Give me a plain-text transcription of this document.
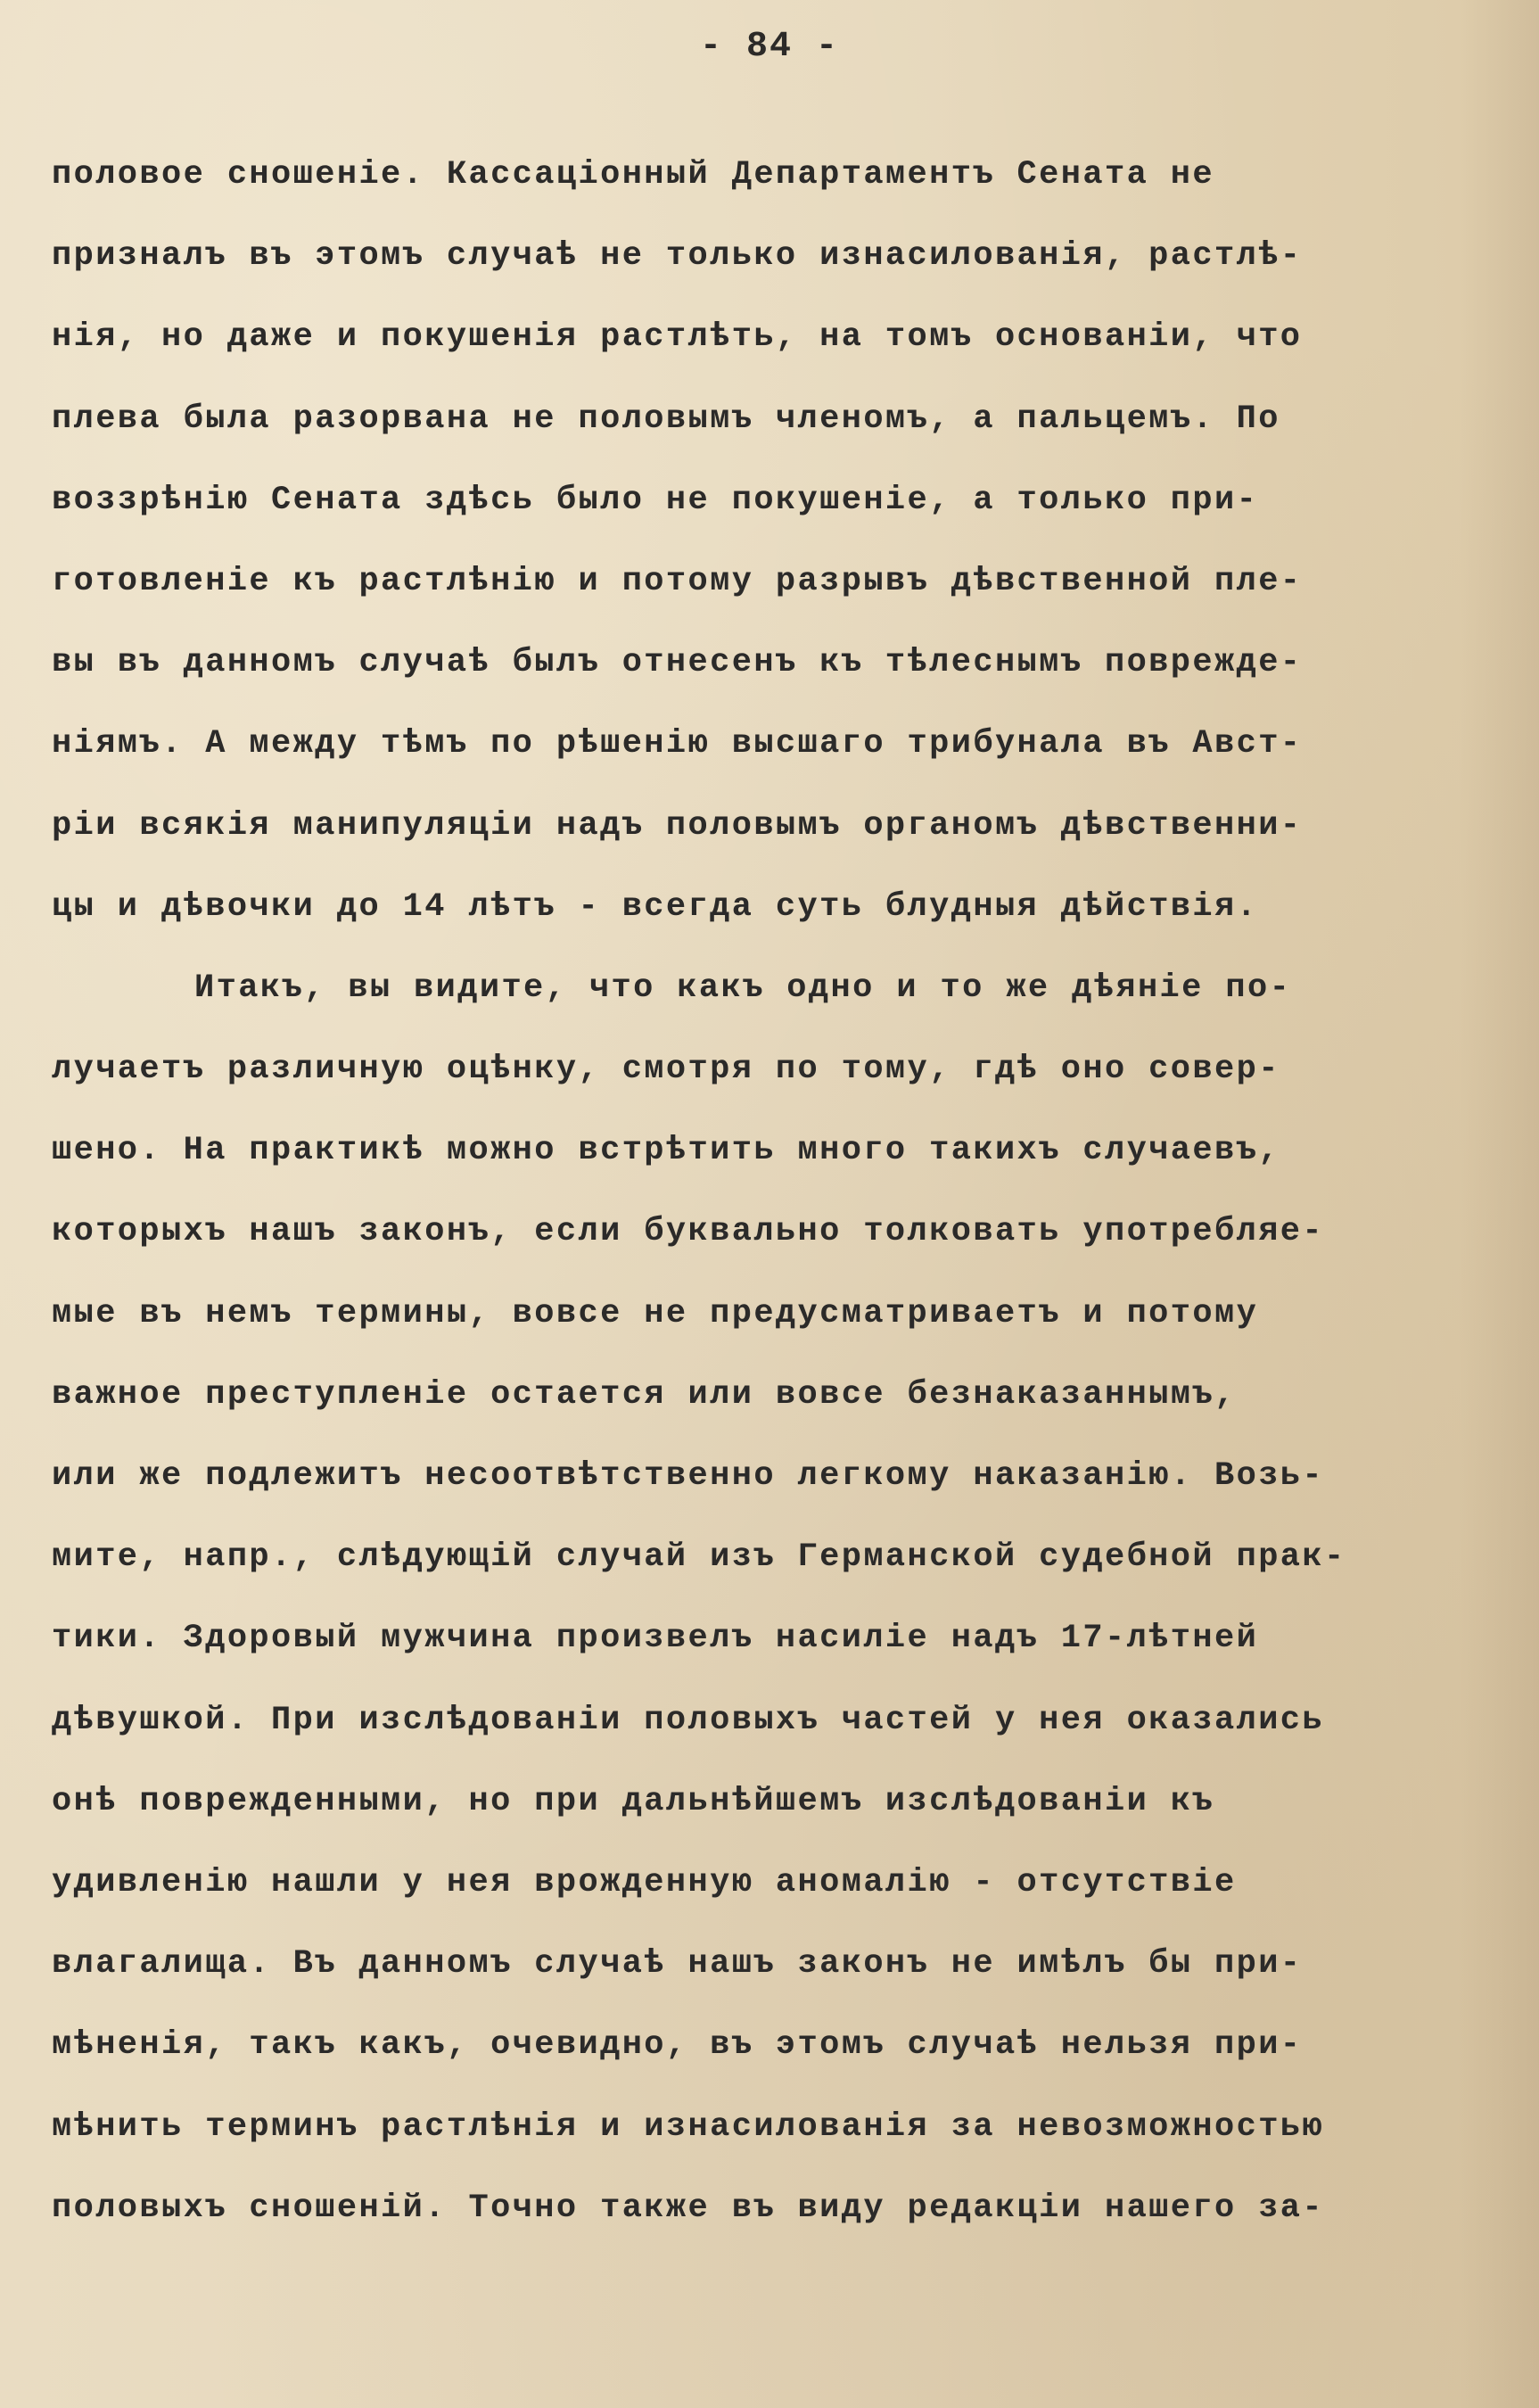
- 84 -
половое сношеніе. Кассаціонный Департаментъ Сената не
призналъ въ этомъ случаѣ не только изнасилованія, растлѣ-
нія, но даже и покушенія растлѣть, на томъ основаніи, что
плева была разорвана не половымъ членомъ, а пальцемъ. По
воззрѣнію Сената здѣсь было не покушеніе, а только при-
готовленіе къ растлѣнію и потому разрывъ дѣвственной пле-
вы въ данномъ случаѣ былъ отнесенъ къ тѣлеснымъ поврежде-
ніямъ. А между тѣмъ по рѣшенію высшаго трибунала въ Авст-
ріи всякія манипуляціи надъ половымъ органомъ дѣвственни-
цы и дѣвочки до 14 лѣтъ - всегда суть блудныя дѣйствія.
Итакъ, вы видите, что какъ одно и то же дѣяніе по-
лучаетъ различную оцѣнку, смотря по тому, гдѣ оно совер-
шено. На практикѣ можно встрѣтить много такихъ случаевъ,
которыхъ нашъ законъ, если буквально толковать употребляе-
мые въ немъ термины, вовсе не предусматриваетъ и потому
важное преступленіе остается или вовсе безнаказаннымъ,
или же подлежитъ несоотвѣтственно легкому наказанію. Возь-
мите, напр., слѣдующій случай изъ Германской судебной прак-
тики. Здоровый мужчина произвелъ насиліе надъ 17-лѣтней
дѣвушкой. При изслѣдованіи половыхъ частей у нея оказались
онѣ поврежденными, но при дальнѣйшемъ изслѣдованіи къ
удивленію нашли у нея врожденную аномалію - отсутствіе
влагалища. Въ данномъ случаѣ нашъ законъ не имѣлъ бы при-
мѣненія, такъ какъ, очевидно, въ этомъ случаѣ нельзя при-
мѣнить терминъ растлѣнія и изнасилованія за невозможностью
половыхъ сношеній. Точно также въ виду редакціи нашего за-
